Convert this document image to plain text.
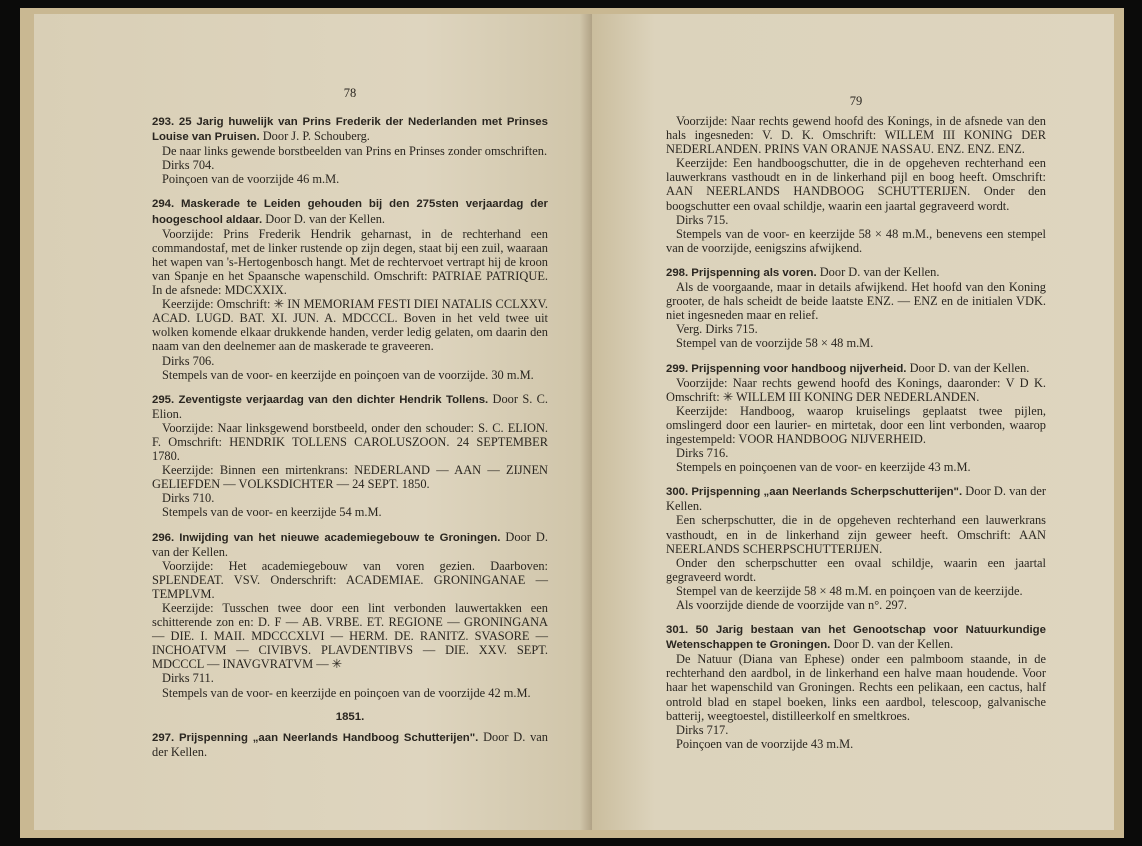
78

293. 25 Jarig huwelijk van Prins Frederik der Nederlanden met Prinses Louise van Pruisen. Door J. P. Schouberg.

De naar links gewende borstbeelden van Prins en Prinses zonder omschriften.

Dirks 704.

Poinçoen van de voorzijde 46 m.M.

294. Maskerade te Leiden gehouden bij den 275sten verjaardag der hoogeschool aldaar. Door D. van der Kellen.

Voorzijde: Prins Frederik Hendrik geharnast, in de rechterhand een commandostaf, met de linker rustende op zijn degen, staat bij een zuil, waaraan het wapen van 's-Hertogenbosch hangt. Met de rechtervoet vertrapt hij de kroon van Spanje en het Spaansche wapenschild. Omschrift: PATRIAE PATRIQUE. In de afsnede: MDCXXIX.

Keerzijde: Omschrift: ✳ IN MEMORIAM FESTI DIEI NATALIS CCLXXV. ACAD. LUGD. BAT. XI. JUN. A. MDCCCL. Boven in het veld twee uit wolken komende elkaar drukkende handen, verder ledig gelaten, om daarin den naam van den deelnemer aan de maskerade te graveeren.

Dirks 706.

Stempels van de voor- en keerzijde en poinçoen van de voorzijde. 30 m.M.

295. Zeventigste verjaardag van den dichter Hendrik Tollens. Door S. C. Elion.

Voorzijde: Naar linksgewend borstbeeld, onder den schouder: S. C. ELION. F. Omschrift: HENDRIK TOLLENS CAROLUSZOON. 24 SEPTEMBER 1780.

Keerzijde: Binnen een mirtenkrans: NEDERLAND — AAN — ZIJNEN GELIEFDEN — VOLKSDICHTER — 24 SEPT. 1850.

Dirks 710.

Stempels van de voor- en keerzijde 54 m.M.

296. Inwijding van het nieuwe academiegebouw te Groningen. Door D. van der Kellen.

Voorzijde: Het academiegebouw van voren gezien. Daarboven: SPLENDEAT. VSV. Onderschrift: ACADEMIAE. GRONINGANAE — TEMPLVM.

Keerzijde: Tusschen twee door een lint verbonden lauwertakken een schitterende zon en: D. F — AB. VRBE. ET. REGIONE — GRONINGANA — DIE. I. MAII. MDCCCXLVI — HERM. DE. RANITZ. SVASORE — INCHOATVM — CIVIBVS. PLAVDENTIBVS — DIE. XXV. SEPT. MDCCCL — INAVGVRATVM — ✳

Dirks 711.

Stempels van de voor- en keerzijde en poinçoen van de voorzijde 42 m.M.

1851.

297. Prijspenning „aan Neerlands Handboog Schutterijen". Door D. van der Kellen.

79

Voorzijde: Naar rechts gewend hoofd des Konings, in de afsnede van den hals ingesneden: V. D. K. Omschrift: WILLEM III KONING DER NEDERLANDEN. PRINS VAN ORANJE NASSAU. ENZ. ENZ. ENZ.

Keerzijde: Een handboogschutter, die in de opgeheven rechterhand een lauwerkrans vasthoudt en in de linkerhand pijl en boog heeft. Omschrift: AAN NEERLANDS HANDBOOG SCHUTTERIJEN. Onder den boogschutter een ovaal schildje, waarin een jaartal gegraveerd wordt.

Dirks 715.

Stempels van de voor- en keerzijde 58 × 48 m.M., benevens een stempel van de voorzijde, eenigszins afwijkend.

298. Prijspenning als voren. Door D. van der Kellen.

Als de voorgaande, maar in details afwijkend. Het hoofd van den Koning grooter, de hals scheidt de beide laatste ENZ. — ENZ en de initialen VDK. niet ingesneden maar en relief.

Verg. Dirks 715.

Stempel van de voorzijde 58 × 48 m.M.

299. Prijspenning voor handboog nijverheid. Door D. van der Kellen.

Voorzijde: Naar rechts gewend hoofd des Konings, daaronder: V D K. Omschrift: ✳ WILLEM III KONING DER NEDERLANDEN.

Keerzijde: Handboog, waarop kruiselings geplaatst twee pijlen, omslingerd door een laurier- en mirtetak, door een lint verbonden, waarop ingestempeld: VOOR HANDBOOG NIJVERHEID.

Dirks 716.

Stempels en poinçoenen van de voor- en keerzijde 43 m.M.

300. Prijspenning „aan Neerlands Scherpschutterijen". Door D. van der Kellen.

Een scherpschutter, die in de opgeheven rechterhand een lauwerkrans vasthoudt, en in de linkerhand zijn geweer heeft. Omschrift: AAN NEERLANDS SCHERPSCHUTTERIJEN.

Onder den scherpschutter een ovaal schildje, waarin een jaartal gegraveerd wordt.

Stempel van de keerzijde 58 × 48 m.M. en poinçoen van de keerzijde.

Als voorzijde diende de voorzijde van n°. 297.

301. 50 Jarig bestaan van het Genootschap voor Natuurkundige Wetenschappen te Groningen. Door D. van der Kellen.

De Natuur (Diana van Ephese) onder een palmboom staande, in de rechterhand den aardbol, in de linkerhand een halve maan houdende. Voor haar het wapenschild van Groningen. Rechts een pelikaan, een cactus, half ontrold blad en stapel boeken, links een aardbol, telescoop, galvanische batterij, weegtoestel, distilleerkolf en smeltkroes.

Dirks 717.

Poinçoen van de voorzijde 43 m.M.
